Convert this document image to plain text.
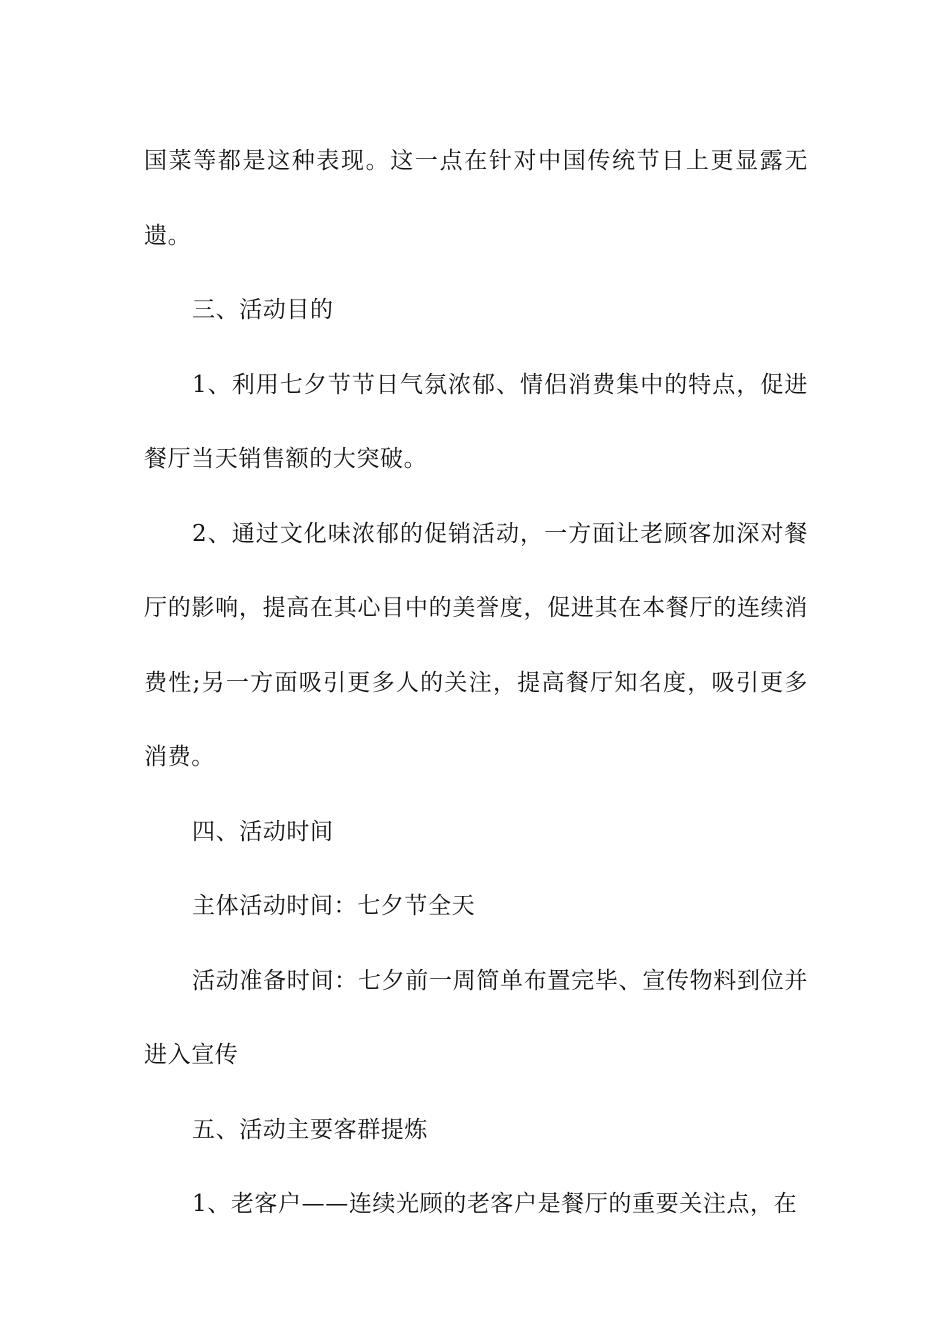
国菜等都是这种表现。这一点在针对中国传统节日上更显露无遗。

三、活动目的

1、利用七夕节节日气氛浓郁、情侣消费集中的特点，促进餐厅当天销售额的大突破。

2、通过文化味浓郁的促销活动，一方面让老顾客加深对餐厅的影响，提高在其心目中的美誉度，促进其在本餐厅的连续消费性;另一方面吸引更多人的关注，提高餐厅知名度，吸引更多消费。

四、活动时间

主体活动时间：七夕节全天

活动准备时间：七夕前一周简单布置完毕、宣传物料到位并进入宣传

五、活动主要客群提炼

1、老客户——连续光顾的老客户是餐厅的重要关注点，在
